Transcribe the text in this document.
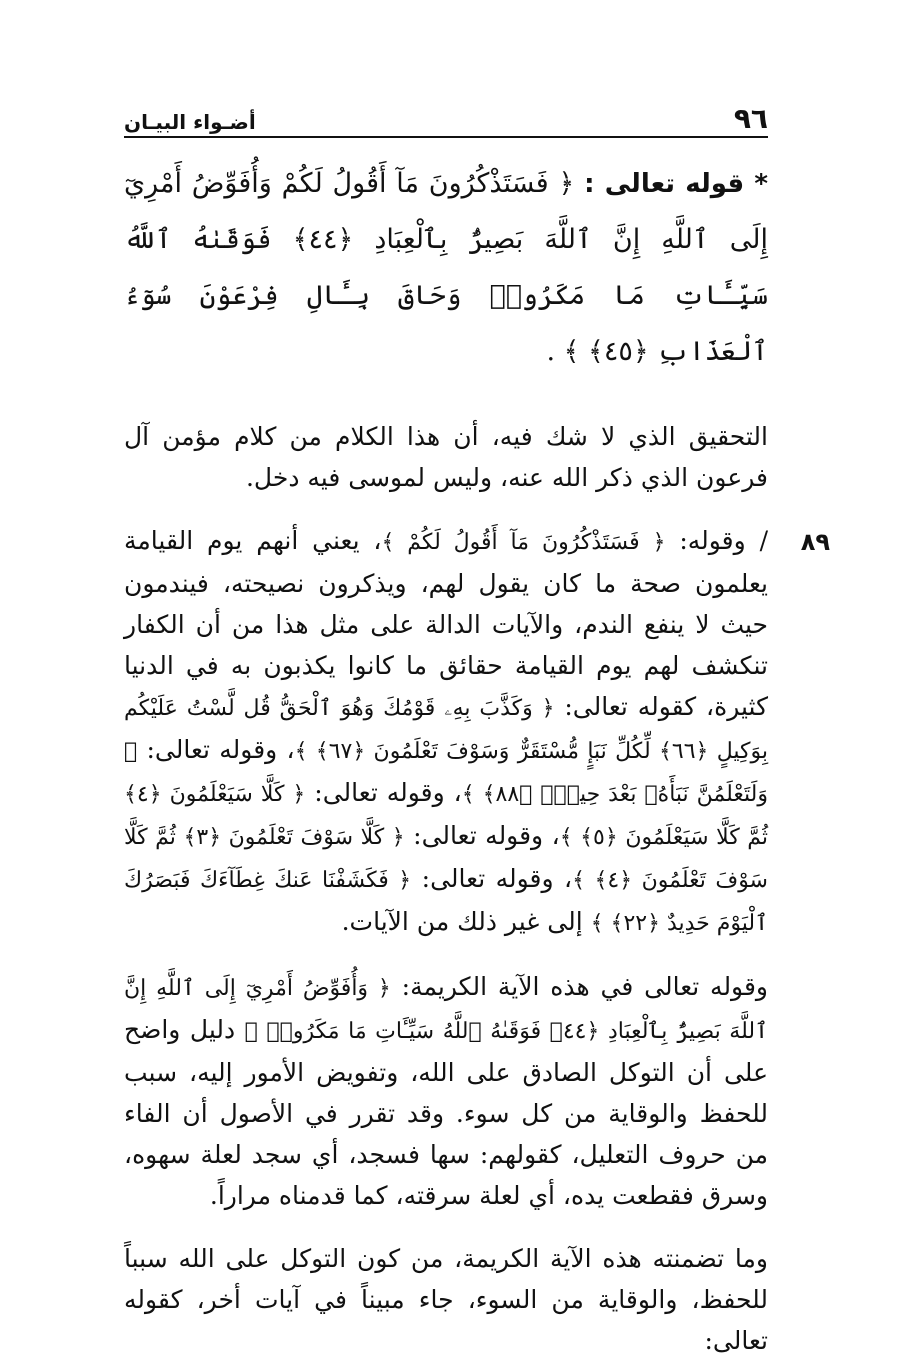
٩٦
أضـواء البيـان

* قوله تعالى : ﴿ فَسَتَذْكُرُونَ مَآ أَقُولُ لَكُمْ وَأُفَوِّضُ أَمْرِيٓ إِلَى ٱللَّهِ إِنَّ ٱللَّهَ بَصِيرٌۢ بِٱلْعِبَادِ ﴿٤٤﴾ فَوَقَىٰهُ ٱللَّهُ سَيِّـَٔاتِ مَا مَكَرُوا۟ وَحَاقَ بِـَٔالِ فِرْعَوْنَ سُوٓءُ ٱلْعَذَابِ ﴿٤٥﴾ ﴾ .

التحقيق الذي لا شك فيه، أن هذا الكلام من كلام مؤمن آل فرعون الذي ذكر الله عنه، وليس لموسى فيه دخل.

٨٩

/ وقوله: ﴿ فَسَتَذْكُرُونَ مَآ أَقُولُ لَكُمْ ﴾، يعني أنهم يوم القيامة يعلمون صحة ما كان يقول لهم، ويذكرون نصيحته، فيندمون حيث لا ينفع الندم، والآيات الدالة على مثل هذا من أن الكفار تنكشف لهم يوم القيامة حقائق ما كانوا يكذبون به في الدنيا كثيرة، كقوله تعالى: ﴿ وَكَذَّبَ بِهِۦ قَوْمُكَ وَهُوَ ٱلْحَقُّ قُل لَّسْتُ عَلَيْكُم بِوَكِيلٍ ﴿٦٦﴾ لِّكُلِّ نَبَإٍ مُّسْتَقَرٌّ وَسَوْفَ تَعْلَمُونَ ﴿٦٧﴾ ﴾، وقوله تعالى: ﴿ وَلَتَعْلَمُنَّ نَبَأَهُۥ بَعْدَ حِينٍۭ ﴿٨٨﴾ ﴾، وقوله تعالى: ﴿ كَلَّا سَيَعْلَمُونَ ﴿٤﴾ ثُمَّ كَلَّا سَيَعْلَمُونَ ﴿٥﴾ ﴾، وقوله تعالى: ﴿ كَلَّا سَوْفَ تَعْلَمُونَ ﴿٣﴾ ثُمَّ كَلَّا سَوْفَ تَعْلَمُونَ ﴿٤﴾ ﴾، وقوله تعالى: ﴿ فَكَشَفْنَا عَنكَ غِطَآءَكَ فَبَصَرُكَ ٱلْيَوْمَ حَدِيدٌ ﴿٢٢﴾ ﴾ إلى غير ذلك من الآيات.

وقوله تعالى في هذه الآية الكريمة: ﴿ وَأُفَوِّضُ أَمْرِيٓ إِلَى ٱللَّهِ إِنَّ ٱللَّهَ بَصِيرٌۢ بِٱلْعِبَادِ ﴿٤٤﴾ فَوَقَىٰهُ ٱللَّهُ سَيِّـَٔاتِ مَا مَكَرُوا۟ ﴾ دليل واضح على أن التوكل الصادق على الله، وتفويض الأمور إليه، سبب للحفظ والوقاية من كل سوء. وقد تقرر في الأصول أن الفاء من حروف التعليل، كقولهم: سها فسجد، أي سجد لعلة سهوه، وسرق فقطعت يده، أي لعلة سرقته، كما قدمناه مراراً.

وما تضمنته هذه الآية الكريمة، من كون التوكل على الله سبباً للحفظ، والوقاية من السوء، جاء مبيناً في آيات أخر، كقوله تعالى:
